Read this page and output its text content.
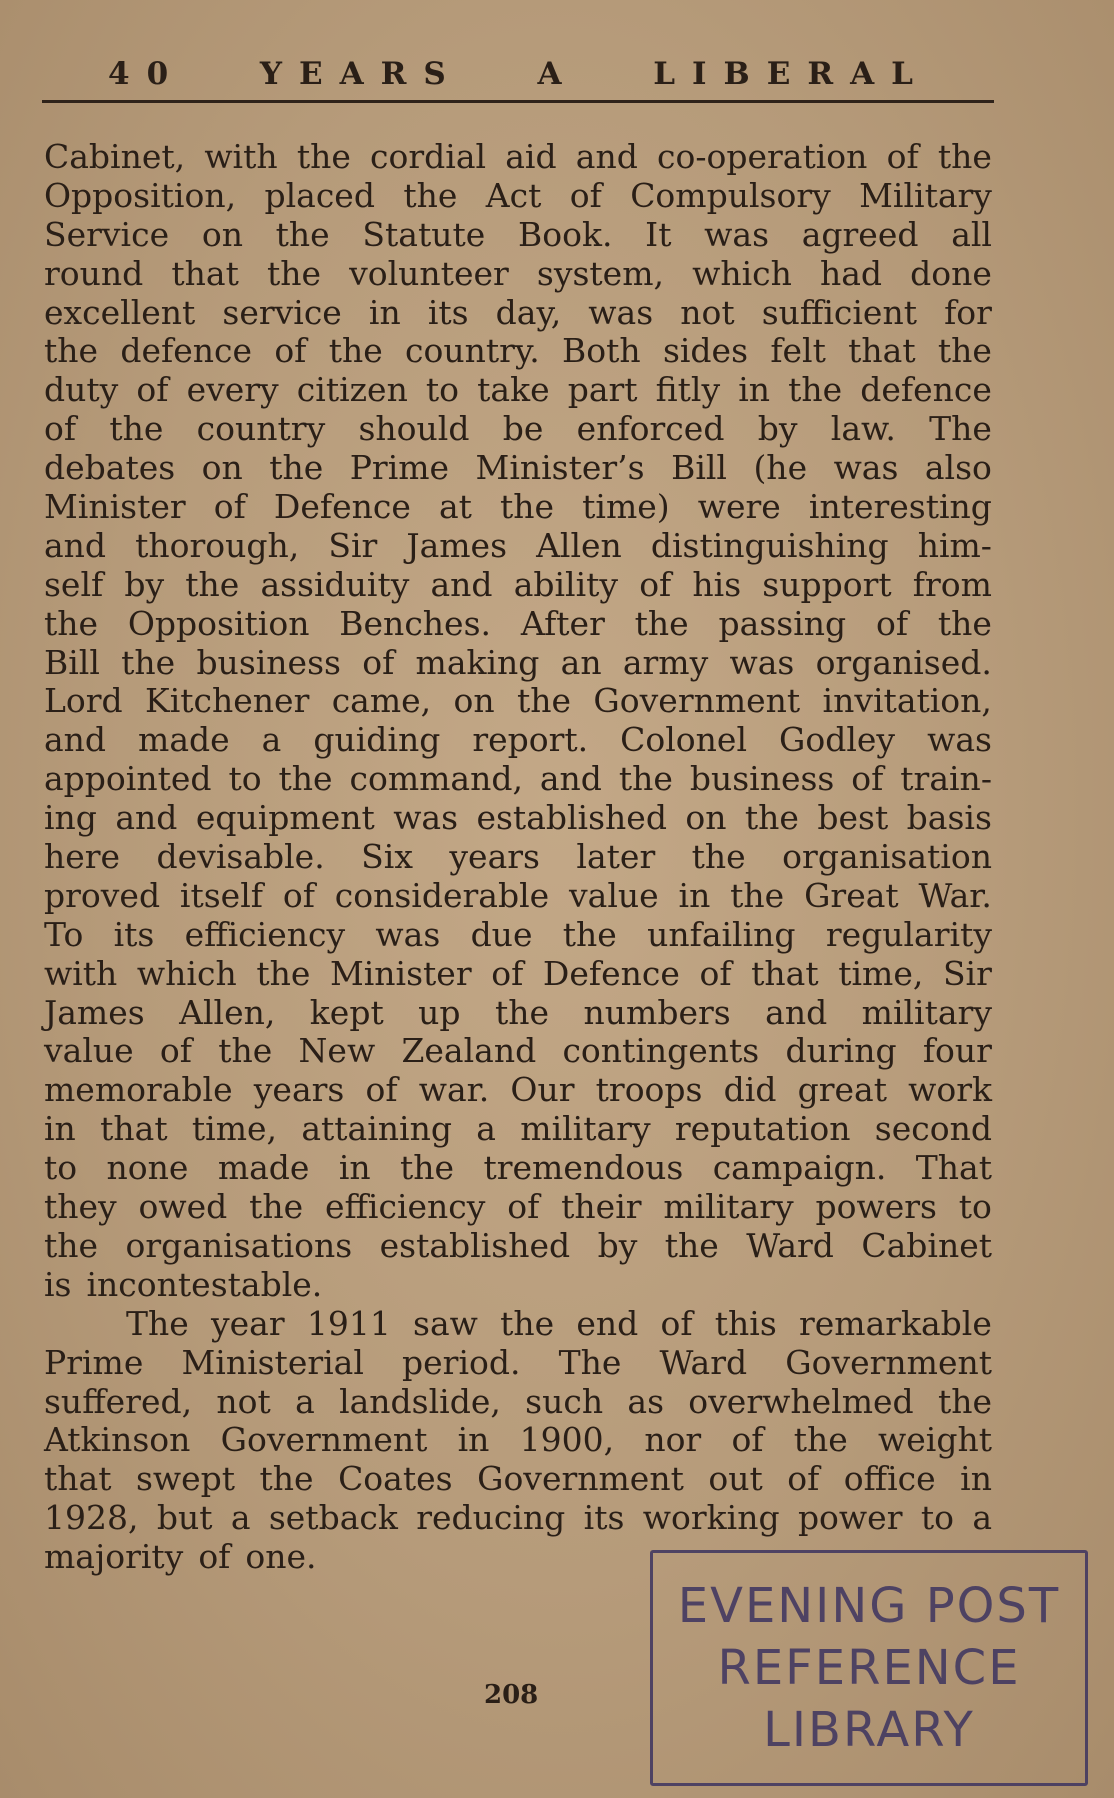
40 YEARS A LIBERAL
Cabinet, with the cordial aid and co-operation of the
Opposition, placed the Act of Compulsory Military
Service on the Statute Book. It was agreed all
round that the volunteer system, which had done
excellent service in its day, was not sufficient for
the defence of the country. Both sides felt that the
duty of every citizen to take part fitly in the defence
of the country should be enforced by law. The
debates on the Prime Minister’s Bill (he was also
Minister of Defence at the time) were interesting
and thorough, Sir James Allen distinguishing him-
self by the assiduity and ability of his support from
the Opposition Benches. After the passing of the
Bill the business of making an army was organised.
Lord Kitchener came, on the Government invitation,
and made a guiding report. Colonel Godley was
appointed to the command, and the business of train-
ing and equipment was established on the best basis
here devisable. Six years later the organisation
proved itself of considerable value in the Great War.
To its efficiency was due the unfailing regularity
with which the Minister of Defence of that time, Sir
James Allen, kept up the numbers and military
value of the New Zealand contingents during four
memorable years of war. Our troops did great work
in that time, attaining a military reputation second
to none made in the tremendous campaign. That
they owed the efficiency of their military powers to
the organisations established by the Ward Cabinet
is incontestable.
The year 1911 saw the end of this remarkable
Prime Ministerial period. The Ward Government
suffered, not a landslide, such as overwhelmed the
Atkinson Government in 1900, nor of the weight
that swept the Coates Government out of office in
1928, but a setback reducing its working power to a
majority of one.
208
EVENING POST
REFERENCE
LIBRARY
